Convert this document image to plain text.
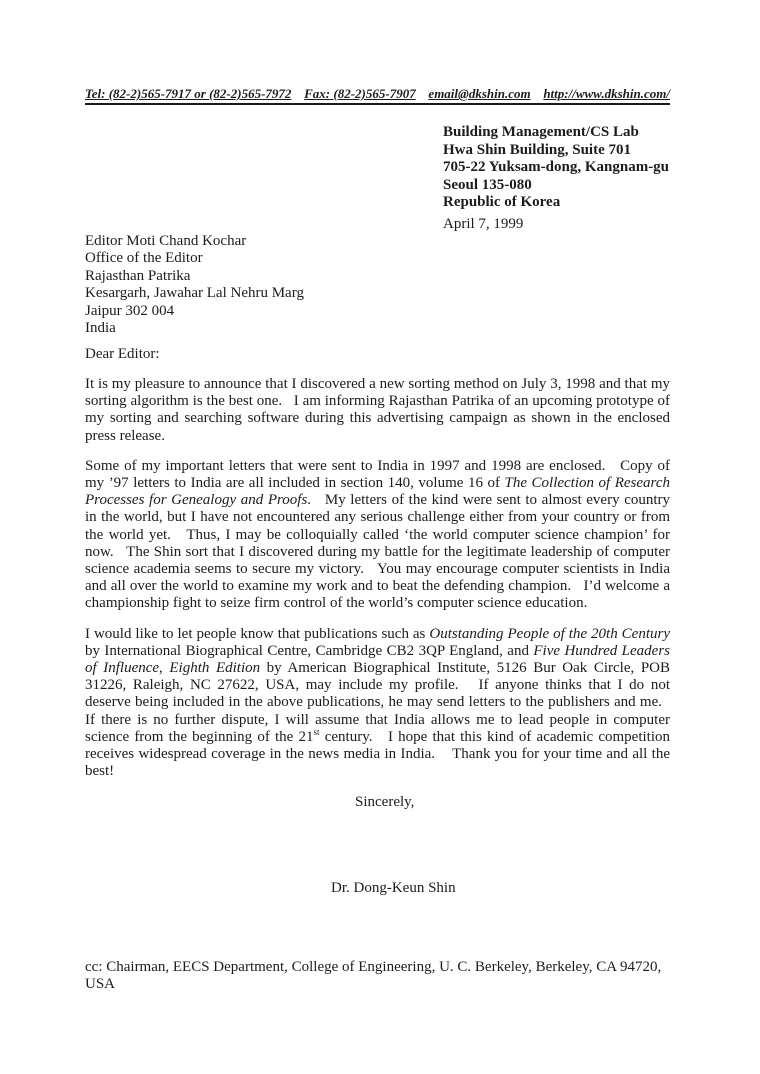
Tel: (82-2)565-7917 or (82-2)565-7972 Fax: (82-2)565-7907 email@dkshin.com http://www.dkshin.com/
Building Management/CS Lab
Hwa Shin Building, Suite 701
705-22 Yuksam-dong, Kangnam-gu
Seoul 135-080
Republic of Korea
April 7, 1999
Editor Moti Chand Kochar
Office of the Editor
Rajasthan Patrika
Kesargarh, Jawahar Lal Nehru Marg
Jaipur 302 004
India
Dear Editor:

It is my pleasure to announce that I discovered a new sorting method on July 3, 1998 and that my sorting algorithm is the best one.   I am informing Rajasthan Patrika of an upcoming prototype of my sorting and searching software during this advertising campaign as shown in the enclosed press release.

Some of my important letters that were sent to India in 1997 and 1998 are enclosed.   Copy of my ’97 letters to India are all included in section 140, volume 16 of The Collection of Research Processes for Genealogy and Proofs.   My letters of the kind were sent to almost every country in the world, but I have not encountered any serious challenge either from your country or from the world yet.   Thus, I may be colloquially called ‘the world computer science champion’ for now.   The Shin sort that I discovered during my battle for the legitimate leadership of computer science academia seems to secure my victory.   You may encourage computer scientists in India and all over the world to examine my work and to beat the defending champion.   I’d welcome a championship fight to seize firm control of the world’s computer science education.

I would like to let people know that publications such as Outstanding People of the 20th Century by International Biographical Centre, Cambridge CB2 3QP England, and Five Hundred Leaders of Influence, Eighth Edition by American Biographical Institute, 5126 Bur Oak Circle, POB 31226, Raleigh, NC 27622, USA, may include my profile.   If anyone thinks that I do not deserve being included in the above publications, he may send letters to the publishers and me.   If there is no further dispute, I will assume that India allows me to lead people in computer science from the beginning of the 21st century.   I hope that this kind of academic competition receives widespread coverage in the news media in India.    Thank you for your time and all the best!

Sincerely,
Dr. Dong-Keun Shin
cc: Chairman, EECS Department, College of Engineering, U. C. Berkeley, Berkeley, CA 94720, USA
